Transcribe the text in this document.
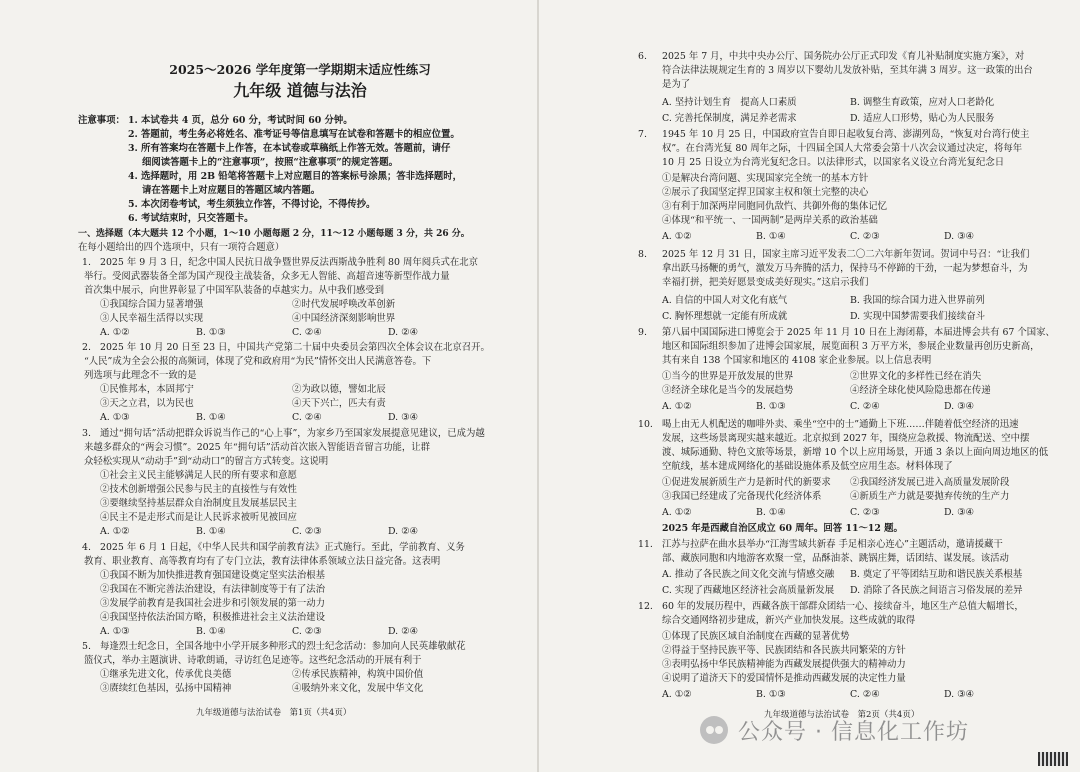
2025～2026 学年度第一学期期末适应性练习
九年级 道德与法治
注意事项： 1. 本试卷共 4 页，总分 60 分，考试时间 60 分钟。
2. 答题前，考生务必将姓名、准考证号等信息填写在试卷和答题卡的相应位置。
3. 所有答案均在答题卡上作答，在本试卷或草稿纸上作答无效。答题前，请仔
细阅读答题卡上的“注意事项”，按照“注意事项”的规定答题。
4. 选择题时，用 2B 铅笔将答题卡上对应题目的答案标号涂黑；答非选择题时，
请在答题卡上对应题目的答题区域内答题。
5. 本次闭卷考试，考生须独立作答，不得讨论，不得传抄。
6. 考试结束时，只交答题卡。
一、选择题（本大题共 12 个小题，1～10 小题每题 2 分，11～12 小题每题 3 分，共 26 分。
在每小题给出的四个选项中，只有一项符合题意）
1. 2025 年 9 月 3 日，纪念中国人民抗日战争暨世界反法西斯战争胜利 80 周年阅兵式在北京
举行。受阅武器装备全部为国产现役主战装备，众多无人智能、高超音速等新型作战力量
首次集中展示，向世界彰显了中国军队装备的卓越实力。从中我们感受到
①我国综合国力显著增强	②时代发展呼唤改革创新
③人民幸福生活得以实现	④中国经济深刻影响世界
A. ①②	B. ①③	C. ②④	D. ②④
2. 2025 年 10 月 20 日至 23 日，中国共产党第二十届中央委员会第四次全体会议在北京召开。
“人民”成为全会公报的高频词，体现了党和政府用“为民”情怀交出人民满意答卷。下
列选项与此理念不一致的是
①民惟邦本，本固邦宁	②为政以德，譬如北辰
③天之立君，以为民也	④天下兴亡，匹夫有责
A. ①③	B. ①④	C. ②④	D. ③④
3. 通过“拥句话”活动把群众诉说当作己的“心上事”，为家乡乃至国家发展提意见建议，已成为越
来越多群众的“两会习惯”。2025 年“拥句话”活动首次嵌入智能语音留言功能，让群
众轻松实现从“动动手”到“动动口”的留言方式转变。这说明
①社会主义民主能够满足人民的所有要求和意愿
②技术创新增强公民参与民主的直接性与有效性
③要继续坚持基层群众自治制度且发展基层民主
④民主不是走形式而是让人民诉求被听见被回应
A. ①②	B. ①④	C. ②③	D. ②④
4. 2025 年 6 月 1 日起，《中华人民共和国学前教育法》正式施行。至此，学前教育、义务
教育、职业教育、高等教育均有了专门立法，教育法律体系领域立法日益完备。这表明
①我国不断为加快推进教育强国建设奠定坚实法治根基
②我国在不断完善法治建设，有法律制度等于有了法治
③发展学前教育是我国社会进步和引领发展的第一动力
④我国坚持依法治国方略，积极推进社会主义法治建设
A. ①③	B. ①④	C. ②③	D. ②④
5. 每逢烈士纪念日，全国各地中小学开展多种形式的烈士纪念活动：参加向人民英雄敬献花
篮仪式，举办主题演讲、诗歌朗诵，寻访红色足迹等。这些纪念活动的开展有利于
①继承先进文化，传承优良美德	②传承民族精神，构筑中国价值
③赓续红色基因，弘扬中国精神	④吸纳外来文化，发展中华文化
九年级道德与法治试卷　第1页（共4页）
6. 2025 年 7 月，中共中央办公厅、国务院办公厅正式印发《育儿补贴制度实施方案》，对
符合法律法规规定生育的 3 周岁以下婴幼儿发放补贴，至其年满 3 周岁。这一政策的出台
是为了
A. 坚持计划生育　提高人口素质	B. 调整生育政策，应对人口老龄化
C. 完善托保制度，满足养老需求	D. 适应人口形势，贴心为人民服务
7. 1945 年 10 月 25 日，中国政府宣告自即日起收复台湾、澎湖列岛，“恢复对台湾行使主
权”。在台湾光复 80 周年之际，十四届全国人大常委会第十八次会议通过决定，将每年
10 月 25 日设立为台湾光复纪念日。以法律形式，以国家名义设立台湾光复纪念日
①是解决台湾问题、实现国家完全统一的基本方针
②展示了我国坚定捍卫国家主权和领土完整的决心
③有利于加深两岸同胞同仇敌忾、共御外侮的集体记忆
④体现“和平统一、一国两制”是两岸关系的政治基础
A. ①②	B. ①④	C. ②③	D. ③④
8. 2025 年 12 月 31 日，国家主席习近平发表二〇二六年新年贺词。贺词中号召：“让我们
拿出跃马扬鞭的勇气，激发万马奔腾的活力，保持马不停蹄的干劲，一起为梦想奋斗，为
幸福打拼，把美好愿景变成美好现实。”这启示我们
A. 自信的中国人对文化有底气	B. 我国的综合国力进入世界前列
C. 胸怀理想就一定能有所成就	D. 实现中国梦需要我们接续奋斗
9. 第八届中国国际进口博览会于 2025 年 11 月 10 日在上海闭幕，本届进博会共有 67 个国家、
地区和国际组织参加了进博会国家展，展览面积 3 万平方米，参展企业数量再创历史新高，
其有来自 138 个国家和地区的 4108 家企业参展。以上信息表明
①当今的世界是开放发展的世界	②世界文化的多样性已经在消失
③经济全球化是当今的发展趋势	④经济全球化使风险隐患都在传递
A. ①②	B. ①③	C. ②④	D. ③④
10. 喝上由无人机配送的咖啡外卖、乘坐“空中的士”通勤上下班……伴随着低空经济的迅速
发展，这些场景离现实越来越近。北京拟到 2027 年，围绕应急救援、物流配送、空中摆
渡、城际通勤、特色文旅等场景，新增 10 个以上应用场景，开通 3 条以上面向周边地区的低
空航线，基本建成网络化的基础设施体系及低空应用生态。材料体现了
①促进发展新质生产力是新时代的新要求 ②我国经济发展已进入高质量发展阶段
③我国已经建成了完备现代化经济体系	④新质生产力就是要抛弃传统的生产力
A. ①②	B. ①④	C. ②③	D. ③④
2025 年是西藏自治区成立 60 周年。回答 11～12 题。
11. 江苏与拉萨在曲水县举办“江海雪域共新春 手足相亲心连心”主题活动，邀请援藏干
部、藏族同胞和内地游客欢聚一堂，品酥油茶、跳锅庄舞，话团结、谋发展。该活动
A. 推动了各民族之间文化交流与情感交融 B. 奠定了平等团结互助和谐民族关系根基
C. 实现了西藏地区经济社会高质量新发展 D. 消除了各民族之间语言习俗发展的差异
12. 60 年的发展历程中，西藏各族干部群众团结一心、接续奋斗，地区生产总值大幅增长，
综合交通网络初步建成，新兴产业加快发展。这些成就的取得
①体现了民族区域自治制度在西藏的显著优势
②得益于坚持民族平等、民族团结和各民族共同繁荣的方针
③表明弘扬中华民族精神能为西藏发展提供强大的精神动力
④说明了道济天下的爱国情怀是推动西藏发展的决定性力量
A. ①②	B. ①③	C. ②④	D. ③④
九年级道德与法治试卷　第2页（共4页）
公众号 · 信息化工作坊
